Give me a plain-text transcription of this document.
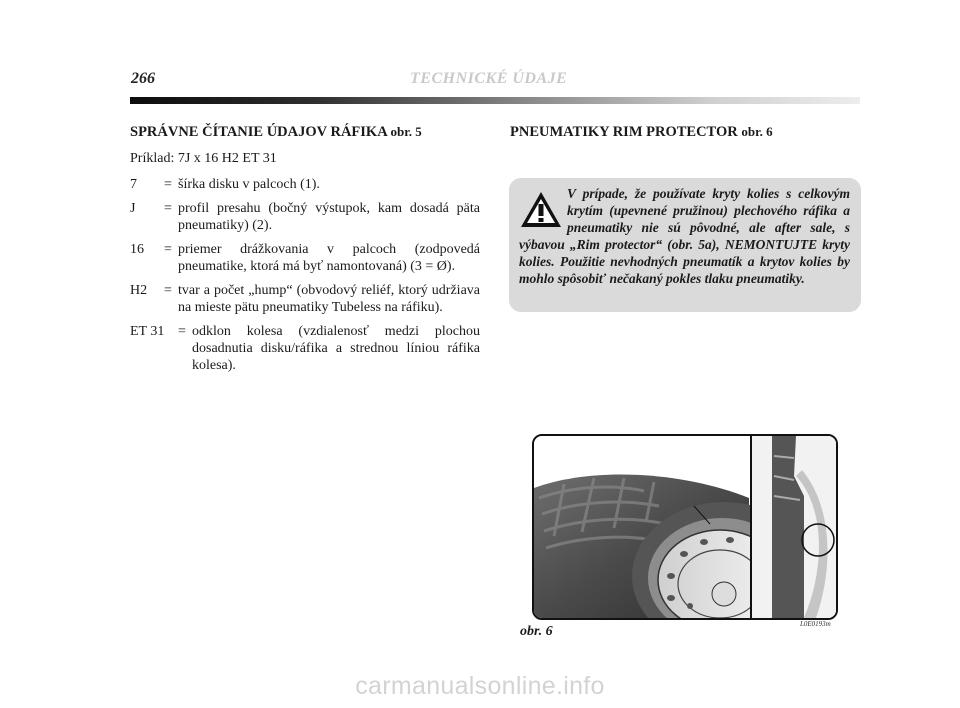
266	TECHNICKÉ ÚDAJE
SPRÁVNE ČÍTANIE ÚDAJOV RÁFIKA obr. 5
Príklad: 7J x 16 H2 ET 31
7	= šírka disku v palcoch (1).
J	= profil presahu (bočný výstupok, kam dosadá päta pneumatiky) (2).
16	= priemer drážkovania v palcoch (zodpovedá pneumatike, ktorá má byť namontovaná) (3 = Ø).
H2	= tvar a počet „hump“ (obvodový reliéf, ktorý udržiava na mieste pätu pneumatiky Tubeless na ráfiku).
ET 31 = odklon kolesa (vzdialenosť medzi plochou dosadnutia disku/ráfika a strednou líniou ráfika kolesa).
PNEUMATIKY RIM PROTECTOR obr. 6
V prípade, že používate kryty kolies s celkovým krytím (upevnené pružinou) plechového ráfika a pneumatiky nie sú pôvodné, ale after sale, s výbavou „Rim protector“ (obr. 5a), NEMONTUJTE kryty kolies. Použitie nevhodných pneumatík a krytov kolies by mohlo spôsobiť nečakaný pokles tlaku pneumatiky.
obr. 6	L0E0193m
carmanualsonline.info
